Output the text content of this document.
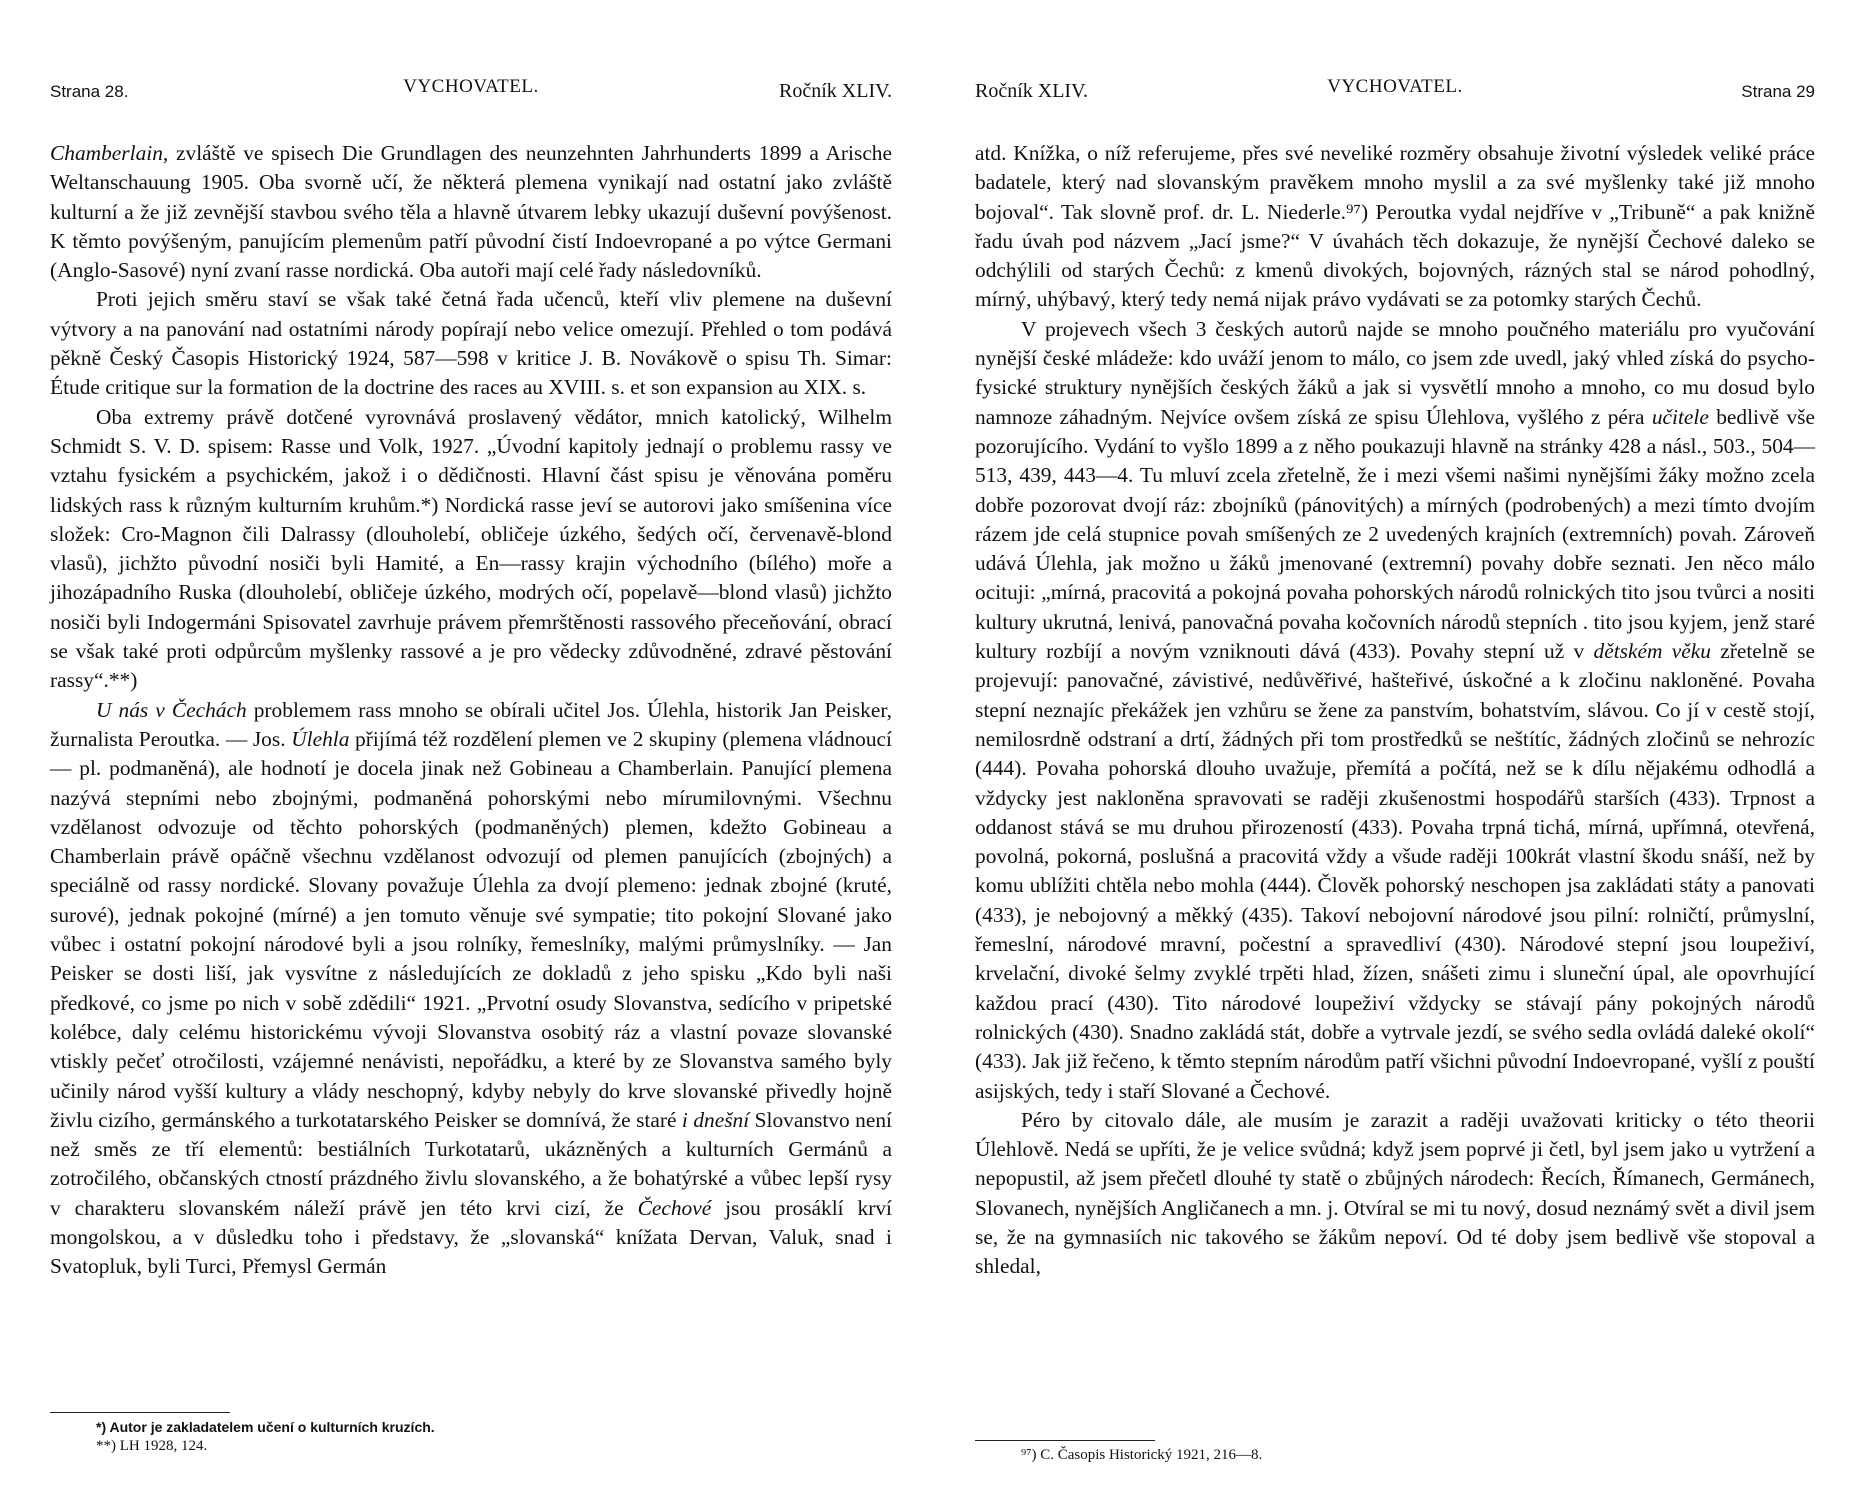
Strana 28.	VYCHOVATEL.	Ročník XLIV.

Chamberlain, zvláště ve spisech Die Grundlagen des neunzehnten Jahrhunderts 1899 a Arische Weltanschauung 1905. Oba svorně učí, že některá plemena vynikají nad ostatní jako zvláště kulturní a že již zevnější stavbou svého těla a hlavně útvarem lebky ukazují duševní povýšenost. K těmto povýšeným, panujícím plemenům patří původní čistí Indoevropané a po výtce Germani (Anglo-Sasové) nyní zvaní rasse nordická. Oba autoři mají celé řady následovníků.

Proti jejich směru staví se však také četná řada učenců, kteří vliv plemene na duševní výtvory a na panování nad ostatními národy popírají nebo velice omezují. Přehled o tom podává pěkně Český Časopis Historický 1924, 587—598 v kritice J. B. Novákově o spisu Th. Simar: Étude critique sur la formation de la doctrine des races au XVIII. s. et son expansion au XIX. s.

Oba extremy právě dotčené vyrovnává proslavený vědátor, mnich katolický, Wilhelm Schmidt S. V. D. spisem: Rasse und Volk, 1927. „Úvodní kapitoly jednají o problemu rassy ve vztahu fysickém a psychickém, jakož i o dědičnosti. Hlavní část spisu je věnována poměru lidských rass k různým kulturním kruhům.*) Nordická rasse jeví se autorovi jako smíšenina více složek: Cro-Magnon čili Dalrassy (dlouholebí, obličeje úzkého, šedých očí, červenavě-blond vlasů), jichžto původní nosiči byli Hamité, a En—rassy krajin východního (bílého) moře a jihozápadního Ruska (dlouholebí, obličeje úzkého, modrých očí, popelavě—blond vlasů) jichžto nosiči byli Indogermáni Spisovatel zavrhuje právem přemrštěnosti rassového přeceňování, obrací se však také proti odpůrcům myšlenky rassové a je pro vědecky zdůvodněné, zdravé pěstování rassy“.**)

U nás v Čechách problemem rass mnoho se obírali učitel Jos. Úlehla, historik Jan Peisker, žurnalista Peroutka. — Jos. Úlehla přijímá též rozdělení plemen ve 2 skupiny (plemena vládnoucí — pl. podmaněná), ale hodnotí je docela jinak než Gobineau a Chamberlain. Panující plemena nazývá stepními nebo zbojnými, podmaněná pohorskými nebo mírumilovnými. Všechnu vzdělanost odvozuje od těchto pohorských (podmaněných) plemen, kdežto Gobineau a Chamberlain právě opáčně všechnu vzdělanost odvozují od plemen panujících (zbojných) a speciálně od rassy nordické. Slovany považuje Úlehla za dvojí plemeno: jednak zbojné (kruté, surové), jednak pokojné (mírné) a jen tomuto věnuje své sympatie; tito pokojní Slované jako vůbec i ostatní pokojní národové byli a jsou rolníky, řemeslníky, malými průmyslníky. — Jan Peisker se dosti liší, jak vysvítne z následujících ze dokladů z jeho spisku „Kdo byli naši předkové, co jsme po nich v sobě zdědili“ 1921. „Prvotní osudy Slovanstva, sedícího v pripetské kolébce, daly celému historickému vývoji Slovanstva osobitý ráz a vlastní povaze slovanské vtiskly pečeť otročilosti, vzájemné nenávisti, nepořádku, a které by ze Slovanstva samého byly učinily národ vyšší kultury a vlády neschopný, kdyby nebyly do krve slovanské přivedly hojně živlu cizího, germánského a turkotatarského Peisker se domnívá, že staré i dnešní Slovanstvo není než směs ze tří elementů: bestiálních Turkotatarů, ukázněných a kulturních Germánů a zotročilého, občanských ctností prázdného živlu slovanského, a že bohatýrské a vůbec lepší rysy v charakteru slovanském náleží právě jen této krvi cizí, že Čechové jsou prosáklí krví mongolskou, a v důsledku toho i představy, že „slovanská“ knížata Dervan, Valuk, snad i Svatopluk, byli Turci, Přemysl Germán

*) Autor je zakladatelem učení o kulturních kruzích.

**) LH 1928, 124.

Ročník XLIV.	VYCHOVATEL.	Strana 29

atd. Knížka, o níž referujeme, přes své neveliké rozměry obsahuje životní výsledek veliké práce badatele, který nad slovanským pravěkem mnoho myslil a za své myšlenky také již mnoho bojoval“. Tak slovně prof. dr. L. Niederle.⁹⁷) Peroutka vydal nejdříve v „Tribuně“ a pak knižně řadu úvah pod názvem „Jací jsme?“ V úvahách těch dokazuje, že nynější Čechové daleko se odchýlili od starých Čechů: z kmenů divokých, bojovných, rázných stal se národ pohodlný, mírný, uhýbavý, který tedy nemá nijak právo vydávati se za potomky starých Čechů.

V projevech všech 3 českých autorů najde se mnoho poučného materiálu pro vyučování nynější české mládeže: kdo uváží jenom to málo, co jsem zde uvedl, jaký vhled získá do psycho-fysické struktury nynějších českých žáků a jak si vysvětlí mnoho a mnoho, co mu dosud bylo namnoze záhadným. Nejvíce ovšem získá ze spisu Úlehlova, vyšlého z péra učitele bedlivě vše pozorujícího. Vydání to vyšlo 1899 a z něho poukazuji hlavně na stránky 428 a násl., 503., 504—513, 439, 443—4. Tu mluví zcela zřetelně, že i mezi všemi našimi nynějšími žáky možno zcela dobře pozorovat dvojí ráz: zbojníků (pánovitých) a mírných (podrobených) a mezi tímto dvojím rázem jde celá stupnice povah smíšených ze 2 uvedených krajních (extremních) povah. Zároveň udává Úlehla, jak možno u žáků jmenované (extremní) povahy dobře seznati. Jen něco málo ocituji: „mírná, pracovitá a pokojná povaha pohorských národů rolnických tito jsou tvůrci a nositi kultury ukrutná, lenivá, panovačná povaha kočovních národů stepních . tito jsou kyjem, jenž staré kultury rozbíjí a novým vzniknouti dává (433). Povahy stepní už v dětském věku zřetelně se projevují: panovačné, závistivé, nedůvěřivé, hašteřivé, úskočné a k zločinu nakloněné. Povaha stepní neznajíc překážek jen vzhůru se žene za panstvím, bohatstvím, slávou. Co jí v cestě stojí, nemilosrdně odstraní a drtí, žádných při tom prostředků se neštítíc, žádných zločinů se nehrozíc (444). Povaha pohorská dlouho uvažuje, přemítá a počítá, než se k dílu nějakému odhodlá a vždycky jest nakloněna spravovati se raději zkušenostmi hospodářů starších (433). Trpnost a oddanost stává se mu druhou přirozeností (433). Povaha trpná tichá, mírná, upřímná, otevřená, povolná, pokorná, poslušná a pracovitá vždy a všude raději 100krát vlastní škodu snáší, než by komu ublížiti chtěla nebo mohla (444). Člověk pohorský neschopen jsa zakládati státy a panovati (433), je nebojovný a měkký (435). Takoví nebojovní národové jsou pilní: rolničtí, průmyslní, řemeslní, národové mravní, počestní a spravedliví (430). Národové stepní jsou loupeživí, krvelační, divoké šelmy zvyklé trpěti hlad, žízen, snášeti zimu i sluneční úpal, ale opovrhující každou prací (430). Tito národové loupeživí vždycky se stávají pány pokojných národů rolnických (430). Snadno zakládá stát, dobře a vytrvale jezdí, se svého sedla ovládá daleké okolí“ (433). Jak již řečeno, k těmto stepním národům patří všichni původní Indoevropané, vyšlí z pouští asijských, tedy i staří Slované a Čechové.

Péro by citovalo dále, ale musím je zarazit a raději uvažovati kriticky o této theorii Úlehlově. Nedá se upříti, že je velice svůdná; když jsem poprvé ji četl, byl jsem jako u vytržení a nepopustil, až jsem přečetl dlouhé ty statě o zbůjných národech: Řecích, Římanech, Germánech, Slovanech, nynějších Angličanech a mn. j. Otvíral se mi tu nový, dosud neznámý svět a divil jsem se, že na gymnasiích nic takového se žákům nepoví. Od té doby jsem bedlivě vše stopoval a shledal,

⁹⁷) C. Časopis Historický 1921, 216—8.
